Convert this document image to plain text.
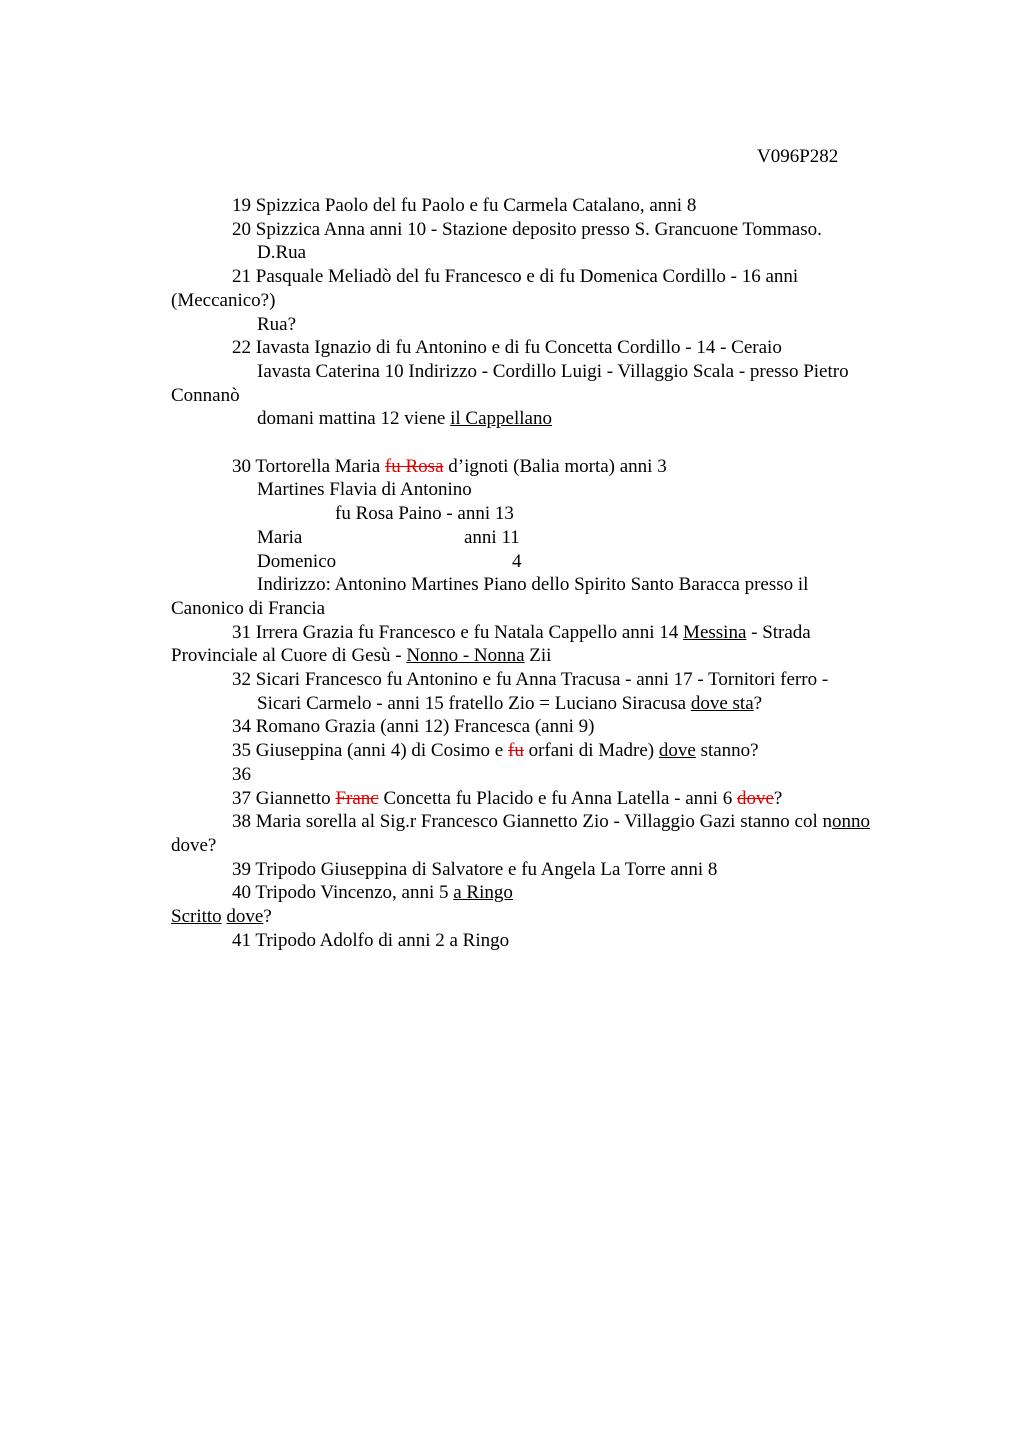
V096P282
19 Spizzica Paolo del fu Paolo e fu Carmela Catalano, anni 8
20 Spizzica Anna anni 10 - Stazione deposito presso S. Grancuone Tommaso.
D.Rua
21 Pasquale Meliadò del fu Francesco e di fu Domenica Cordillo - 16 anni
(Meccanico?)
Rua?
22 Iavasta Ignazio di fu Antonino e di fu Concetta Cordillo - 14 - Ceraio
Iavasta Caterina 10 Indirizzo - Cordillo Luigi - Villaggio Scala - presso Pietro
Connanò
domani mattina 12 viene il Cappellano
30 Tortorella Maria fu Rosa d’ignoti (Balia morta) anni 3
Martines Flavia di Antonino
fu Rosa Paino - anni 13
Maria	anni 11
Domenico	4
Indirizzo: Antonino Martines Piano dello Spirito Santo Baracca presso il
Canonico di Francia
31 Irrera Grazia fu Francesco e fu Natala Cappello anni 14 Messina - Strada
Provinciale al Cuore di Gesù - Nonno - Nonna Zii
32 Sicari Francesco fu Antonino e fu Anna Tracusa - anni 17 - Tornitori ferro -
Sicari Carmelo - anni 15 fratello Zio = Luciano Siracusa dove sta?
34 Romano Grazia (anni 12) Francesca (anni 9)
35 Giuseppina (anni 4) di Cosimo e fu orfani di Madre) dove stanno?
36
37 Giannetto Franc Concetta fu Placido e fu Anna Latella - anni 6 dove?
38 Maria sorella al Sig.r Francesco Giannetto Zio - Villaggio Gazi stanno col nonno
dove?
39 Tripodo Giuseppina di Salvatore e fu Angela La Torre anni 8
40 Tripodo Vincenzo, anni 5 a Ringo
Scritto dove?
41 Tripodo Adolfo di anni 2 a Ringo
